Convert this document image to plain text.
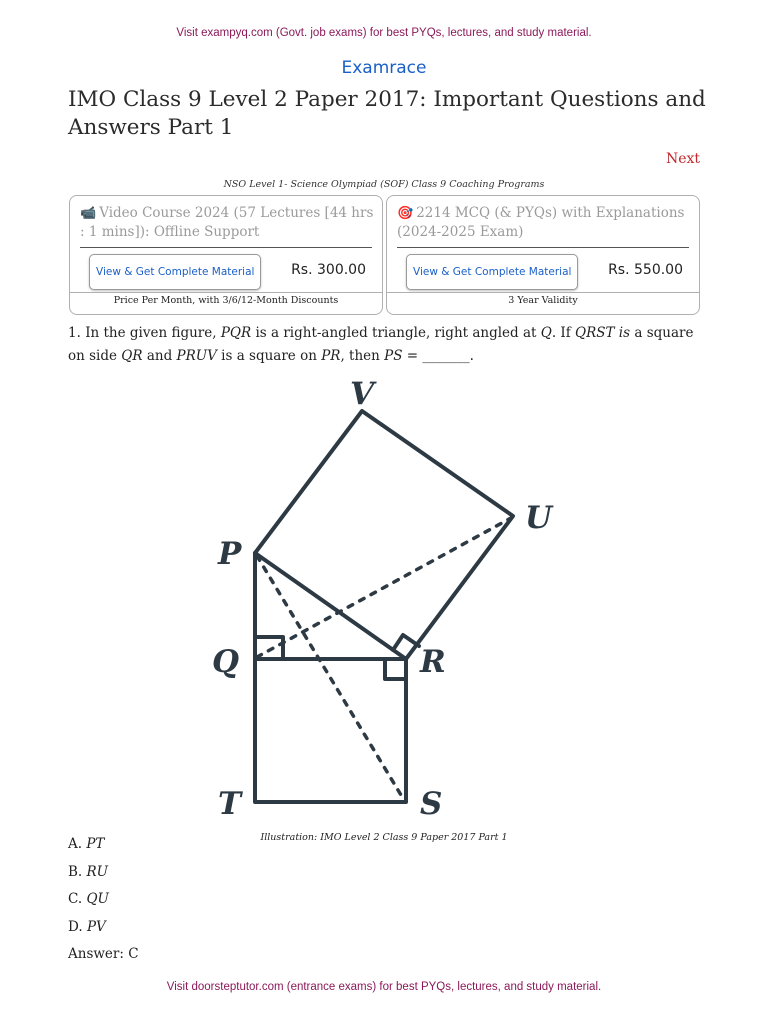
Visit exampyq.com (Govt. job exams) for best PYQs, lectures, and study material.
Examrace
IMO Class 9 Level 2 Paper 2017: Important Questions and Answers Part 1
Next
NSO Level 1- Science Olympiad (SOF) Class 9 Coaching Programs
📹 Video Course 2024 (57 Lectures [44 hrs : 1 mins]): Offline Support
View & Get Complete Material	Rs. 300.00
Price Per Month, with 3/6/12-Month Discounts
🎯 2214 MCQ (& PYQs) with Explanations (2024-2025 Exam)
View & Get Complete Material	Rs. 550.00
3 Year Validity
1. In the given figure, PQR is a right-angled triangle, right angled at Q. If QRST is a square on side QR and PRUV is a square on PR, then PS = _______.
V
U
P
Q	R
T	S
Illustration: IMO Level 2 Class 9 Paper 2017 Part 1
A. PT
B. RU
C. QU
D. PV
Answer: C
Visit doorsteptutor.com (entrance exams) for best PYQs, lectures, and study material.
